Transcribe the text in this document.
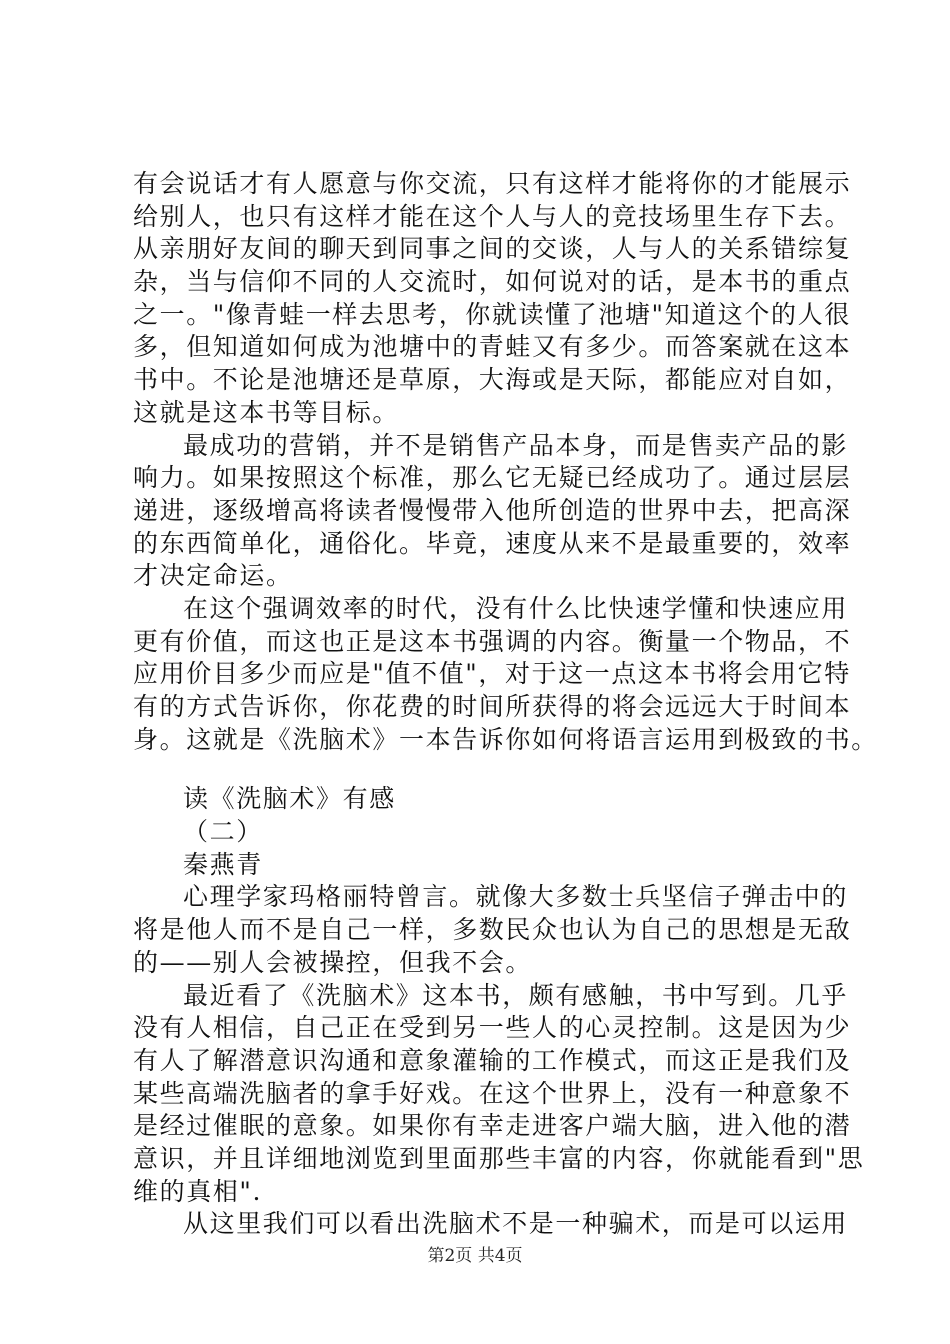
有会说话才有人愿意与你交流，只有这样才能将你的才能展示
给别人，也只有这样才能在这个人与人的竞技场里生存下去。
从亲朋好友间的聊天到同事之间的交谈，人与人的关系错综复
杂，当与信仰不同的人交流时，如何说对的话，是本书的重点
之一。"像青蛙一样去思考，你就读懂了池塘"知道这个的人很
多，但知道如何成为池塘中的青蛙又有多少。而答案就在这本
书中。不论是池塘还是草原，大海或是天际，都能应对自如，
这就是这本书等目标。
最成功的营销，并不是销售产品本身，而是售卖产品的影
响力。如果按照这个标准，那么它无疑已经成功了。通过层层
递进，逐级增高将读者慢慢带入他所创造的世界中去，把高深
的东西简单化，通俗化。毕竟，速度从来不是最重要的，效率
才决定命运。
在这个强调效率的时代，没有什么比快速学懂和快速应用
更有价值，而这也正是这本书强调的内容。衡量一个物品，不
应用价目多少而应是"值不值"，对于这一点这本书将会用它特
有的方式告诉你，你花费的时间所获得的将会远远大于时间本
身。这就是《洗脑术》一本告诉你如何将语言运用到极致的书。
读《洗脑术》有感
（二）
秦燕青
心理学家玛格丽特曾言。就像大多数士兵坚信子弹击中的
将是他人而不是自己一样，多数民众也认为自己的思想是无敌
的——别人会被操控，但我不会。
最近看了《洗脑术》这本书，颇有感触，书中写到。几乎
没有人相信，自己正在受到另一些人的心灵控制。这是因为少
有人了解潜意识沟通和意象灌输的工作模式，而这正是我们及
某些高端洗脑者的拿手好戏。在这个世界上，没有一种意象不
是经过催眠的意象。如果你有幸走进客户端大脑，进入他的潜
意识，并且详细地浏览到里面那些丰富的内容，你就能看到"思
维的真相".
从这里我们可以看出洗脑术不是一种骗术，而是可以运用
第2页 共4页
